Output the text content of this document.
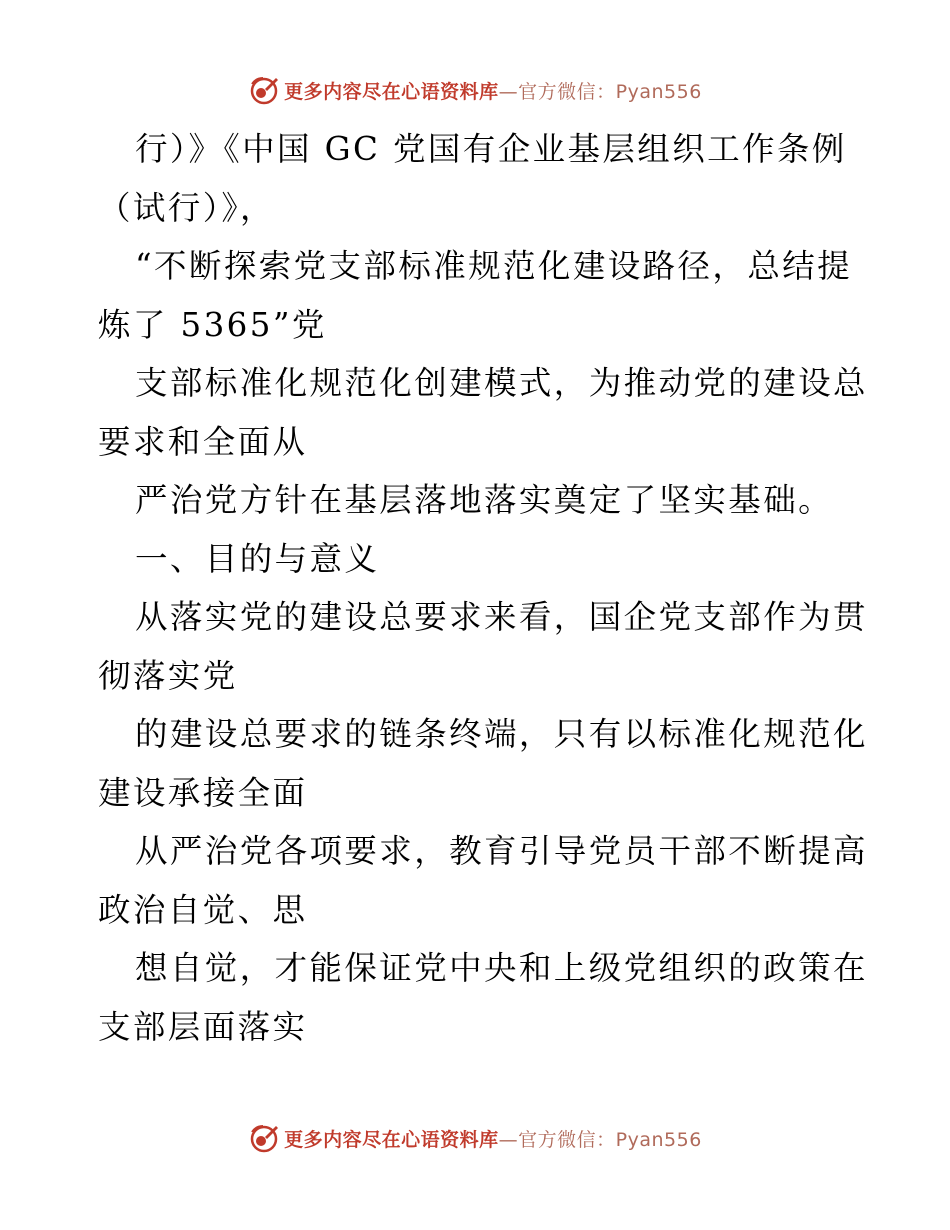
更多内容尽在心语资料库—官方微信：Pyan556
行）》《中国 GC 党国有企业基层组织工作条例
（试行）》，
“不断探索党支部标准规范化建设路径，总结提
炼了 5365”党
支部标准化规范化创建模式，为推动党的建设总
要求和全面从
严治党方针在基层落地落实奠定了坚实基础。
一、目的与意义
从落实党的建设总要求来看，国企党支部作为贯
彻落实党
的建设总要求的链条终端，只有以标准化规范化
建设承接全面
从严治党各项要求，教育引导党员干部不断提高
政治自觉、思
想自觉，才能保证党中央和上级党组织的政策在
支部层面落实
更多内容尽在心语资料库—官方微信：Pyan556
